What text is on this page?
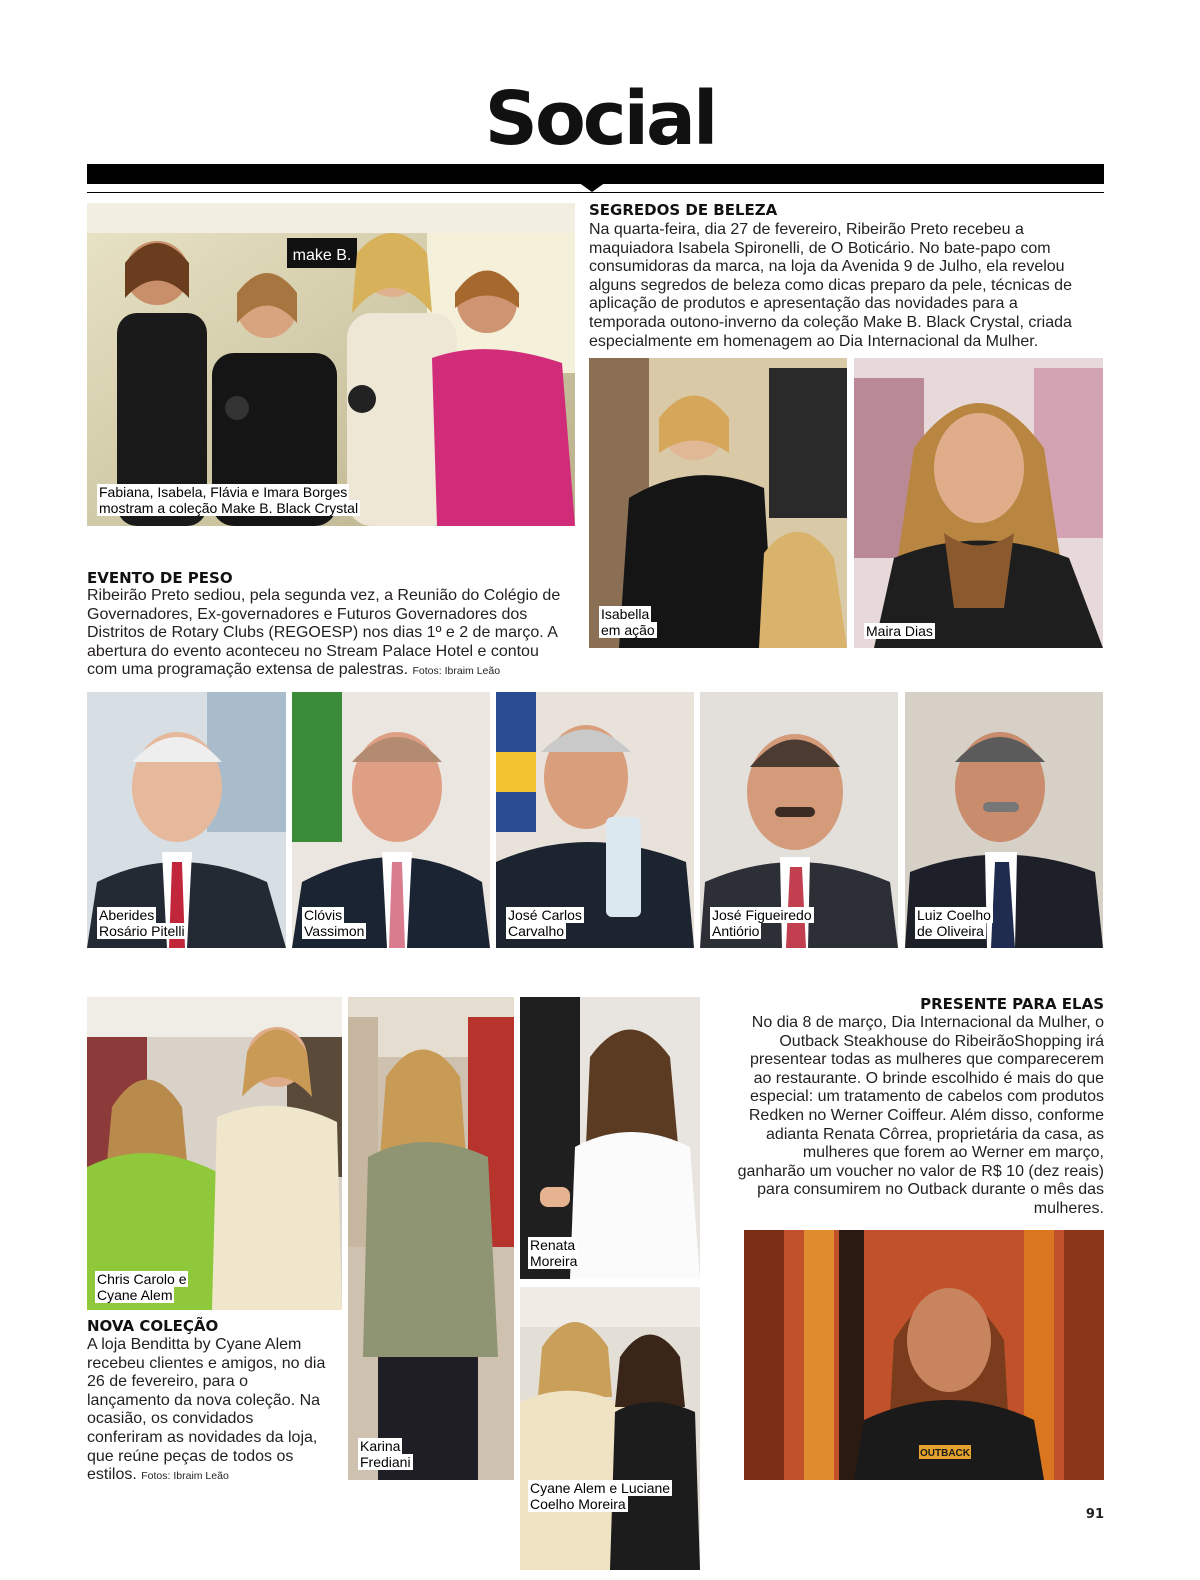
Social
make B.
Fabiana, Isabela, Flávia e Imara Borges
mostram a coleção Make B. Black Crystal
SEGREDOS DE BELEZA
Na quarta-feira, dia 27 de fevereiro, Ribeirão Preto recebeu a maquiadora Isabela Spironelli, de O Boticário. No bate-papo com consumidoras da marca, na loja da Avenida 9 de Julho, ela revelou alguns segredos de beleza como dicas preparo da pele, técnicas de aplicação de produtos e apresentação das novidades para a temporada outono-inverno da coleção Make B. Black Crystal, criada especialmente em homenagem ao Dia Internacional da Mulher.
Isabella
em ação	Maira Dias
EVENTO DE PESO
Ribeirão Preto sediou, pela segunda vez, a Reunião do Colégio de Governadores, Ex-governadores e Futuros Governadores dos Distritos de Rotary Clubs (REGOESP) nos dias 1º e 2 de março. A abertura do evento aconteceu no Stream Palace Hotel e contou com uma programação extensa de palestras. Fotos: Ibraim Leão
Aberides
Rosário Pitelli
Clóvis
Vassimon
José Carlos
Carvalho
José Figueiredo
Antiório
Luiz Coelho
de Oliveira
Chris Carolo e
Cyane Alem
Karina
Frediani
Renata
Moreira
Cyane Alem e Luciane
Coelho Moreira
NOVA COLEÇÃO
A loja Benditta by Cyane Alem recebeu clientes e amigos, no dia 26 de fevereiro, para o lançamento da nova coleção. Na ocasião, os convidados conferiram as novidades da loja, que reúne peças de todos os estilos. Fotos: Ibraim Leão
PRESENTE PARA ELAS
No dia 8 de março, Dia Internacional da Mulher, o Outback Steakhouse do RibeirãoShopping irá presentear todas as mulheres que comparecerem ao restaurante. O brinde escolhido é mais do que especial: um tratamento de cabelos com produtos Redken no Werner Coiffeur. Além disso, conforme adianta Renata Côrrea, proprietária da casa, as mulheres que forem ao Werner em março, ganharão um voucher no valor de R$ 10 (dez reais) para consumirem no Outback durante o mês das mulheres.
OUTBACK
91
